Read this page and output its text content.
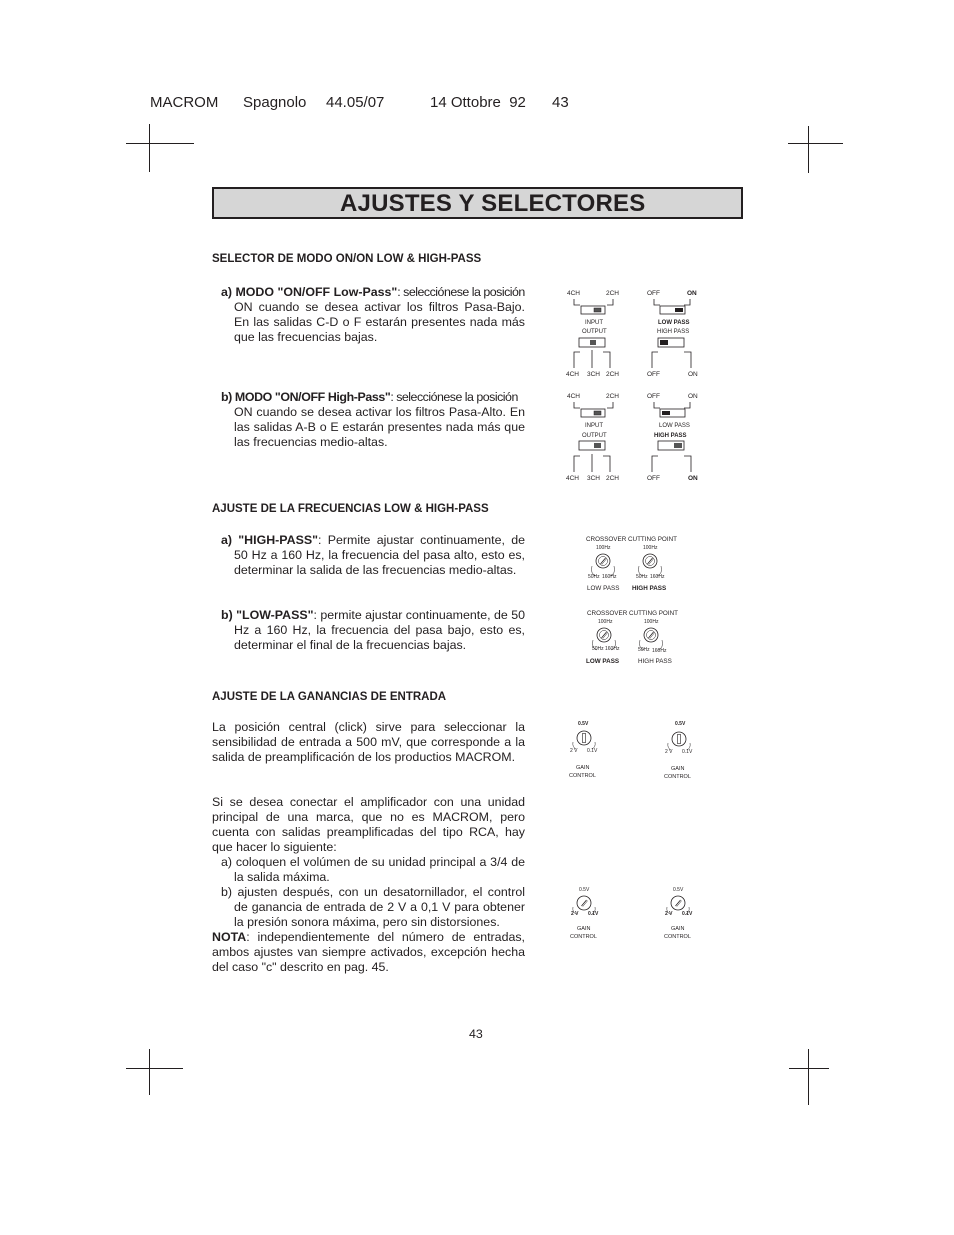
MACROM Spagnolo 44.05/07	14 Ottobre  92 43
AJUSTES Y SELECTORES
SELECTOR DE MODO ON/ON LOW & HIGH-PASS
a) MODO "ON/OFF Low-Pass": selecciónese la posición
ON cuando se desea activar los filtros Pasa-Bajo. En las salidas C-D o F estarán presentes nada más que las frecuencias bajas.
b) MODO "ON/OFF High-Pass": selecciónese la posición
ON cuando se desea activar los filtros Pasa-Alto. En las salidas A-B o E estarán presentes nada más que las frecuencias medio-altas.
AJUSTE DE LA FRECUENCIAS LOW & HIGH-PASS
a) "HIGH-PASS": Permite ajustar continuamente, de 50 Hz a 160 Hz, la frecuencia del pasa alto, esto es, determinar la salida de las frecuencias medio-altas.
b) "LOW-PASS": permite ajustar continuamente, de 50 Hz a 160 Hz, la frecuencia del pasa bajo, esto es, determinar el final de la frecuencias bajas.
AJUSTE DE LA GANANCIAS DE ENTRADA
La posición central (click) sirve para seleccionar la sensibilidad de entrada a 500 mV, que corresponde a la salida de preamplificación de los productios MACROM.
Si se desea conectar el amplificador con una unidad principal de una marca, que no es MACROM, pero cuenta con salidas preamplificadas del tipo RCA, hay que hacer lo siguiente:
a) coloquen el volúmen de su unidad principal a 3/4 de la salida máxima.
b) ajusten después, con un desatornillador, el control de ganancia de entrada de 2 V a 0,1 V para obtener la presión sonora máxima, pero sin distorsiones.
NOTA: independientemente del número de entradas, ambos ajustes van siempre activados, excepción hecha del caso "c" descrito en pag. 45.
4CH	2CH
INPUT
OUTPUT
4CH 3CH 2CH
OFF	ON
LOW PASS
HIGH PASS
OFF	ON
4CH	2CH
INPUT
OUTPUT
4CH 3CH 2CH
OFF	ON
LOW PASS
HIGH PASS
OFF	ON
CROSSOVER CUTTING POINT
100Hz	100Hz
50Hz 160Hz	50Hz 160Hz
LOW PASS HIGH PASS
CROSSOVER CUTTING POINT
100Hz	100Hz
50Hz 160Hz	50Hz 160Hz
LOW PASS	HIGH PASS
0.5V
2 V 0.1V
GAIN
CONTROL
0.5V
2 V 0.1V
GAIN
CONTROL
0.5V
2 V 0.1V
GAIN
CONTROL
0.5V
2 V 0.1V
GAIN
CONTROL
43
